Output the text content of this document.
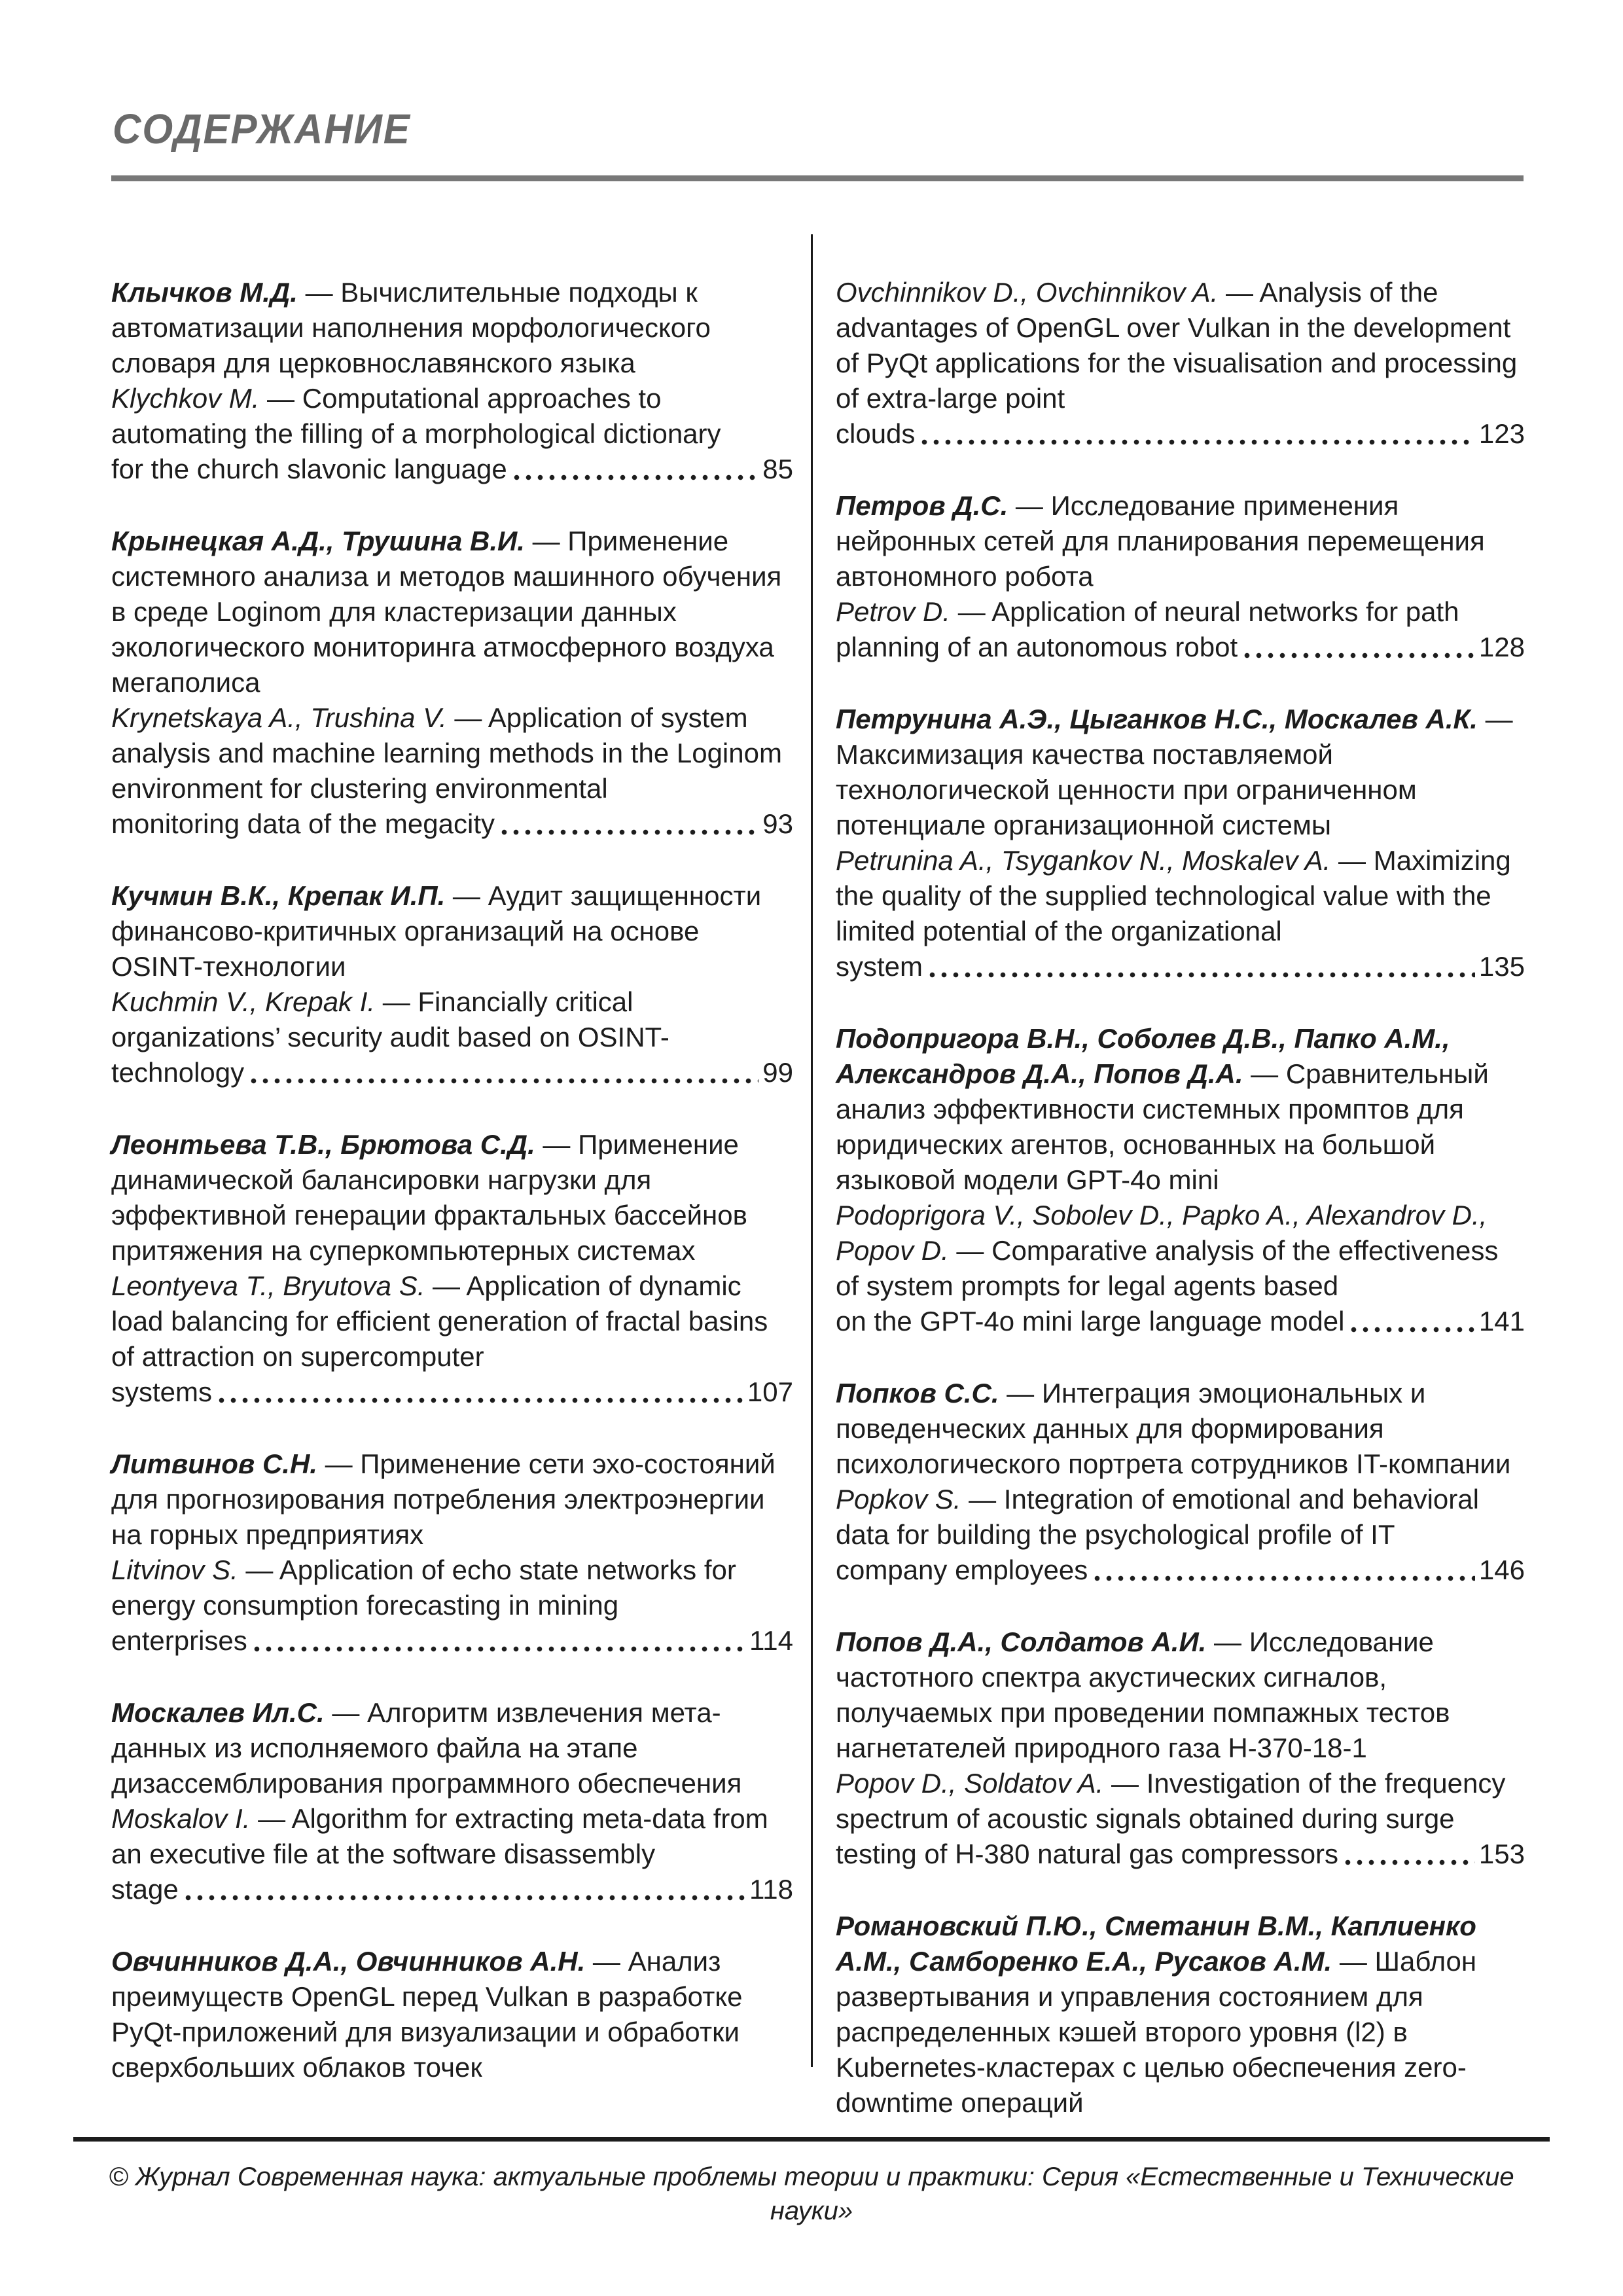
СОДЕРЖАНИЕ

Клычков М.Д. — Вычислительные подходы к автоматизации наполнения морфологического словаря для церковнославянского языка

Klychkov M. — Computational approaches to automating the filling of a morphological dictionary

for the church slavonic language	85

Крынецкая А.Д., Трушина В.И. — Применение системного анализа и методов машинного обучения в среде Loginom для кластеризации данных экологического мониторинга атмосферного воздуха мегаполиса

Krynetskaya A., Trushina V. — Application of system analysis and machine learning methods in the Loginom environment for clustering environmental

monitoring data of the megacity	93

Кучмин В.К., Крепак И.П. — Аудит защищенности финансово-критичных организаций на основе OSINT-технологии

Kuchmin V., Krepak I. — Financially critical organizations’ security audit based on OSINT-

technology	99

Леонтьева Т.В., Брютова С.Д. — Применение динамической балансировки нагрузки для эффективной генерации фрактальных бассейнов притяжения на суперкомпьютерных системах

Leontyeva T., Bryutova S. — Application of dynamic load balancing for efficient generation of fractal basins of attraction on supercomputer

systems	107

Литвинов С.Н. — Применение сети эхо-состояний для прогнозирования потребления электроэнергии на горных предприятиях

Litvinov S. — Application of echo state networks for energy consumption forecasting in mining

enterprises	114

Москалев Ил.С. — Алгоритм извлечения мета-данных из исполняемого файла на этапе дизассемблирования программного обеспечения

Moskalov I. — Algorithm for extracting meta-data from an executive file at the software disassembly

stage	118

Овчинников Д.А., Овчинников А.Н. — Анализ преимуществ OpenGL перед Vulkan в разработке PyQt-приложений для визуализации и обработки сверхбольших облаков точек

Ovchinnikov D., Ovchinnikov A. — Analysis of the advantages of OpenGL over Vulkan in the development of PyQt applications for the visualisation and processing of extra-large point

clouds	123

Петров Д.С. — Исследование применения нейронных сетей для планирования перемещения автономного робота

Petrov D. — Application of neural networks for path

planning of an autonomous robot	128

Петрунина А.Э., Цыганков Н.С., Москалев А.К. — Максимизация качества поставляемой технологической ценности при ограниченном потенциале организационной системы

Petrunina A., Tsygankov N., Moskalev A. — Maximizing the quality of the supplied technological value with the limited potential of the organizational

system	135

Подопригора В.Н., Соболев Д.В., Папко А.М., Александров Д.А., Попов Д.А. — Сравнительный анализ эффективности системных промптов для юридических агентов, основанных на большой языковой модели GPT-4o mini

Podoprigora V., Sobolev D., Papko A., Alexandrov D., Popov D. — Comparative analysis of the effectiveness of system prompts for legal agents based

on the GPT-4o mini large language model	141

Попков С.С. — Интеграция эмоциональных и поведенческих данных для формирования психологического портрета сотрудников IT-компании

Popkov S. — Integration of emotional and behavioral data for building the psychological profile of IT

company employees	146

Попов Д.А., Солдатов А.И. — Исследование частотного спектра акустических сигналов, получаемых при проведении помпажных тестов нагнетателей природного газа Н-370-18-1

Popov D., Soldatov A. — Investigation of the frequency spectrum of acoustic signals obtained during surge

testing of H-380 natural gas compressors	153

Романовский П.Ю., Сметанин В.М., Каплиенко А.М., Самборенко Е.А., Русаков А.М. — Шаблон развертывания и управления состоянием для распределенных кэшей второго уровня (l2) в Kubernetes-кластерах с целью обеспечения zero-downtime операций

© Журнал Современная наука: актуальные проблемы теории и практики: Серия «Естественные и Технические науки»
